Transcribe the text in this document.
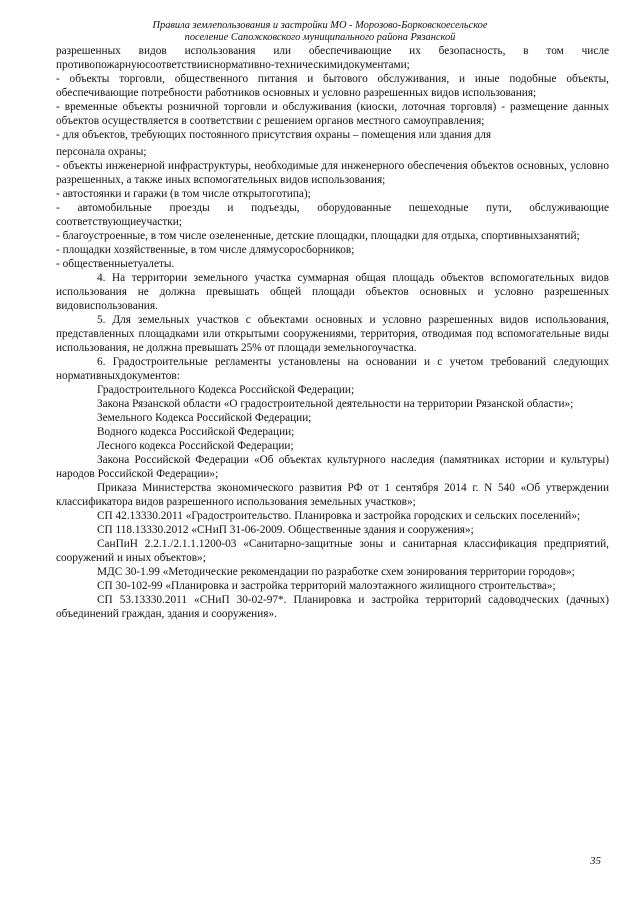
Правила землепользования и застройки МО - Морозово-Борковскоесельское
поселение Сапожковского муниципального района Рязанской

разрешенных видов использования или обеспечивающие их безопасность, в том числе противопожарнуюсоответствииснормативно-техническимидокументами;

- объекты торговли, общественного питания и бытового обслуживания, и иные подобные объекты, обеспечивающие потребности работников основных и условно разрешенных видов использования;

- временные объекты розничной торговли и обслуживания (киоски, лоточная торговля) - размещение данных объектов осуществляется в соответствии с решением органов местного самоуправления;

- для объектов, требующих постоянного присутствия охраны – помещения или здания для

персонала охраны;

- объекты инженерной инфраструктуры, необходимые для инженерного обеспечения объектов основных, условно разрешенных, а также иных вспомогательных видов использования;

- автостоянки и гаражи (в том числе открытоготипа);

- автомобильные проезды и подъезды, оборудованные пешеходные пути, обслуживающие соответствующиеучастки;

- благоустроенные, в том числе озелененные, детские площадки, площадки для отдыха, спортивныхзанятий;

- площадки хозяйственные, в том числе длямусоросборников;

- общественныетуалеты.

4. На территории земельного участка суммарная общая площадь объектов вспомогательных видов использования не должна превышать общей площади объектов основных и условно разрешенных видовиспользования.

5. Для земельных участков с объектами основных и условно разрешенных видов использования, представленных площадками или открытыми сооружениями, территория, отводимая под вспомогательные виды использования, не должна превышать 25% от площади земельногоучастка.

6. Градостроительные регламенты установлены на основании и с учетом требований следующих нормативныхдокументов:

Градостроительного Кодекса Российской Федерации;

Закона Рязанской области «О градостроительной деятельности на территории Рязанской области»;

Земельного Кодекса Российской Федерации;

Водного кодекса Российской Федерации;

Лесного кодекса Российской Федерации;

Закона Российской Федерации «Об объектах культурного наследия (памятниках истории и культуры) народов Российской Федерации»;

Приказа Министерства экономического развития РФ от 1 сентября 2014 г. N 540 «Об утверждении классификатора видов разрешенного использования земельных участков»;

СП 42.13330.2011 «Градостроительство. Планировка и застройка городских и сельских поселений»;

СП 118.13330.2012 «СНиП 31-06-2009. Общественные здания и сооружения»;

СанПиН 2.2.1./2.1.1.1200-03 «Санитарно-защитные зоны и санитарная классификация предприятий, сооружений и иных объектов»;

МДС 30-1.99 «Методические рекомендации по разработке схем зонирования территории городов»;

СП 30-102-99 «Планировка и застройка территорий малоэтажного жилищного строительства»;

СП 53.13330.2011 «СНиП 30-02-97*. Планировка и застройка территорий садоводческих (дачных) объединений граждан, здания и сооружения».

35
